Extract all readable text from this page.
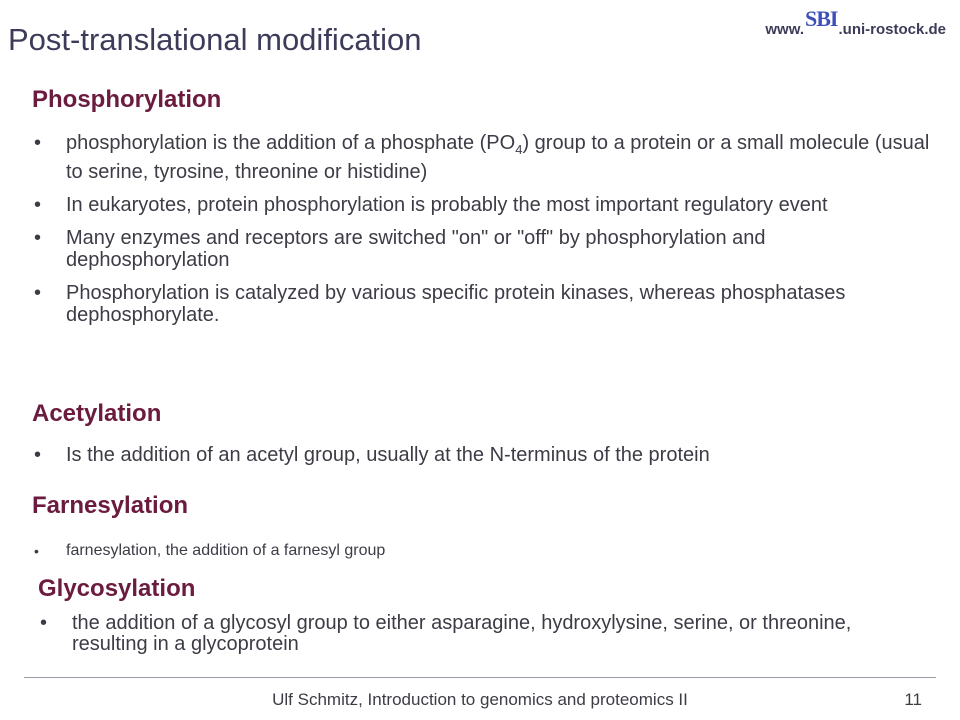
Post-translational modification	www. SBI .uni-rostock.de
Phosphorylation
• phosphorylation is the addition of a phosphate $(PO_4)$ group to a protein or a small molecule (usual to serine, tyrosine, threonine or histidine)
• In eukaryotes, protein phosphorylation is probably the most important regulatory event
• Many enzymes and receptors are switched "on" or "off" by phosphorylation and dephosphorylation
• Phosphorylation is catalyzed by various specific protein kinases, whereas phosphatases dephosphorylate.
Acetylation
• Is the addition of an acetyl group, usually at the N-terminus of the protein
Farnesylation
• farnesylation, the addition of a farnesyl group
Glycosylation
• the addition of a glycosyl group to either asparagine, hydroxylysine, serine, or threonine, resulting in a glycoprotein
Ulf Schmitz, Introduction to genomics and proteomics II	11
